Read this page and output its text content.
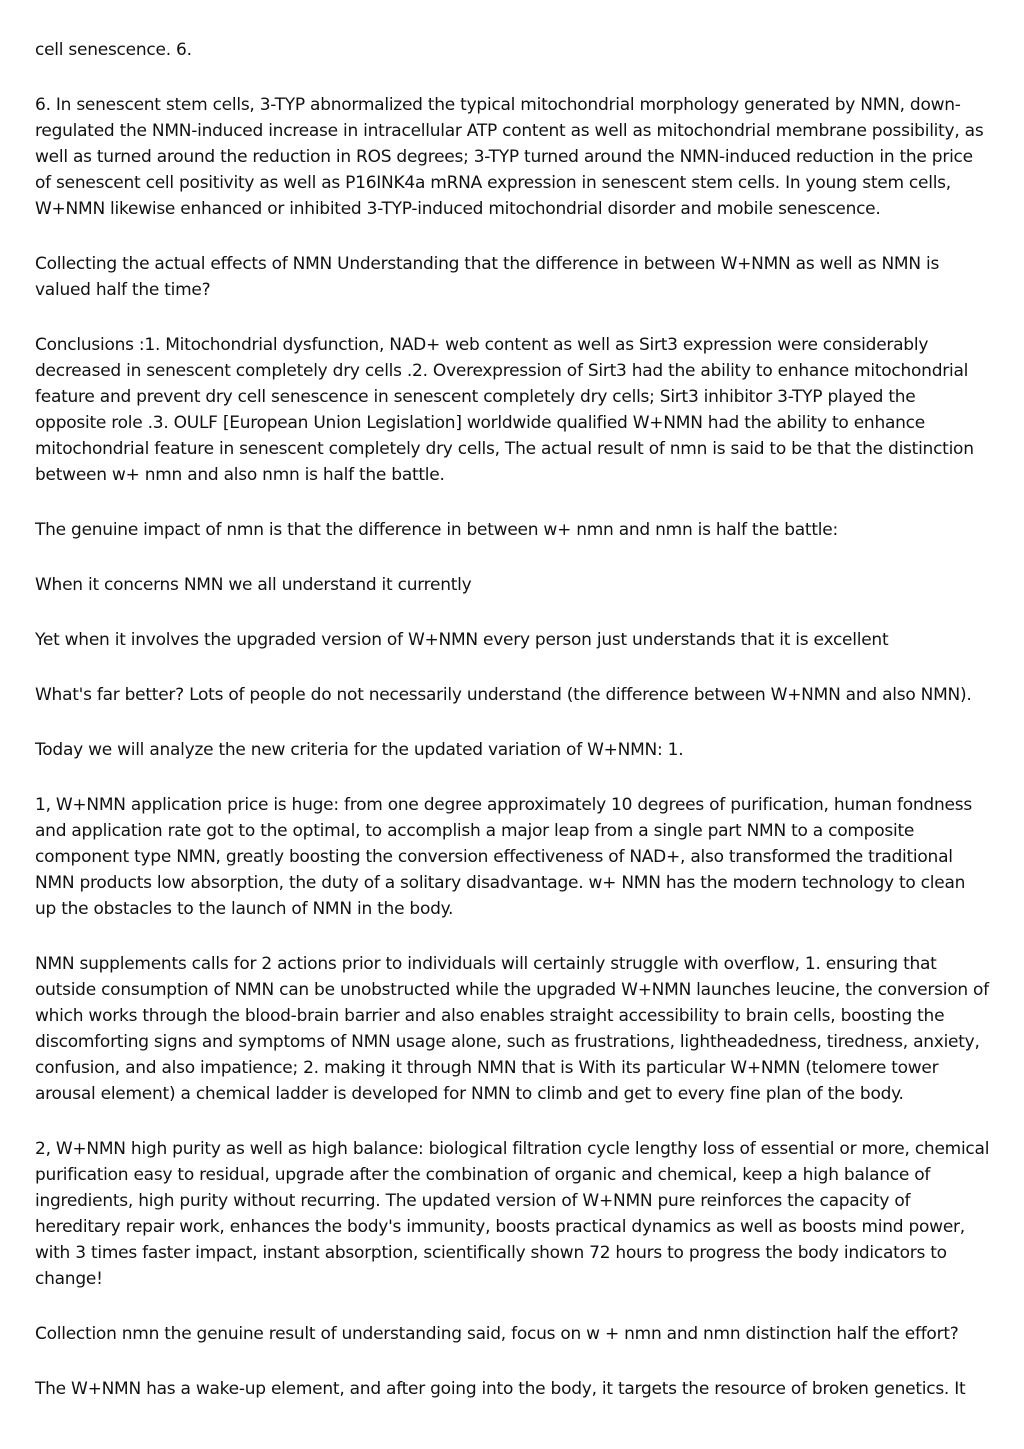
cell senescence. 6.

6. In senescent stem cells, 3-TYP abnormalized the typical mitochondrial morphology generated by NMN, down-regulated the NMN-induced increase in intracellular ATP content as well as mitochondrial membrane possibility, as well as turned around the reduction in ROS degrees; 3-TYP turned around the NMN-induced reduction in the price of senescent cell positivity as well as P16INK4a mRNA expression in senescent stem cells. In young stem cells, W+NMN likewise enhanced or inhibited 3-TYP-induced mitochondrial disorder and mobile senescence.

Collecting the actual effects of NMN Understanding that the difference in between W+NMN as well as NMN is valued half the time?

Conclusions :1. Mitochondrial dysfunction, NAD+ web content as well as Sirt3 expression were considerably decreased in senescent completely dry cells .2. Overexpression of Sirt3 had the ability to enhance mitochondrial feature and prevent dry cell senescence in senescent completely dry cells; Sirt3 inhibitor 3-TYP played the opposite role .3. OULF [European Union Legislation] worldwide qualified W+NMN had the ability to enhance mitochondrial feature in senescent completely dry cells, The actual result of nmn is said to be that the distinction between w+ nmn and also nmn is half the battle.

The genuine impact of nmn is that the difference in between w+ nmn and nmn is half the battle:

When it concerns NMN we all understand it currently

Yet when it involves the upgraded version of W+NMN every person just understands that it is excellent

What's far better? Lots of people do not necessarily understand (the difference between W+NMN and also NMN).

Today we will analyze the new criteria for the updated variation of W+NMN: 1.

1, W+NMN application price is huge: from one degree approximately 10 degrees of purification, human fondness and application rate got to the optimal, to accomplish a major leap from a single part NMN to a composite component type NMN, greatly boosting the conversion effectiveness of NAD+, also transformed the traditional NMN products low absorption, the duty of a solitary disadvantage. w+ NMN has the modern technology to clean up the obstacles to the launch of NMN in the body.

NMN supplements calls for 2 actions prior to individuals will certainly struggle with overflow, 1. ensuring that outside consumption of NMN can be unobstructed while the upgraded W+NMN launches leucine, the conversion of which works through the blood-brain barrier and also enables straight accessibility to brain cells, boosting the discomforting signs and symptoms of NMN usage alone, such as frustrations, lightheadedness, tiredness, anxiety, confusion, and also impatience; 2. making it through NMN that is With its particular W+NMN (telomere tower arousal element) a chemical ladder is developed for NMN to climb and get to every fine plan of the body.

2, W+NMN high purity as well as high balance: biological filtration cycle lengthy loss of essential or more, chemical purification easy to residual, upgrade after the combination of organic and chemical, keep a high balance of ingredients, high purity without recurring. The updated version of W+NMN pure reinforces the capacity of hereditary repair work, enhances the body's immunity, boosts practical dynamics as well as boosts mind power, with 3 times faster impact, instant absorption, scientifically shown 72 hours to progress the body indicators to change!

Collection nmn the genuine result of understanding said, focus on w + nmn and nmn distinction half the effort?

The W+NMN has a wake-up element, and after going into the body, it targets the resource of broken genetics. It
